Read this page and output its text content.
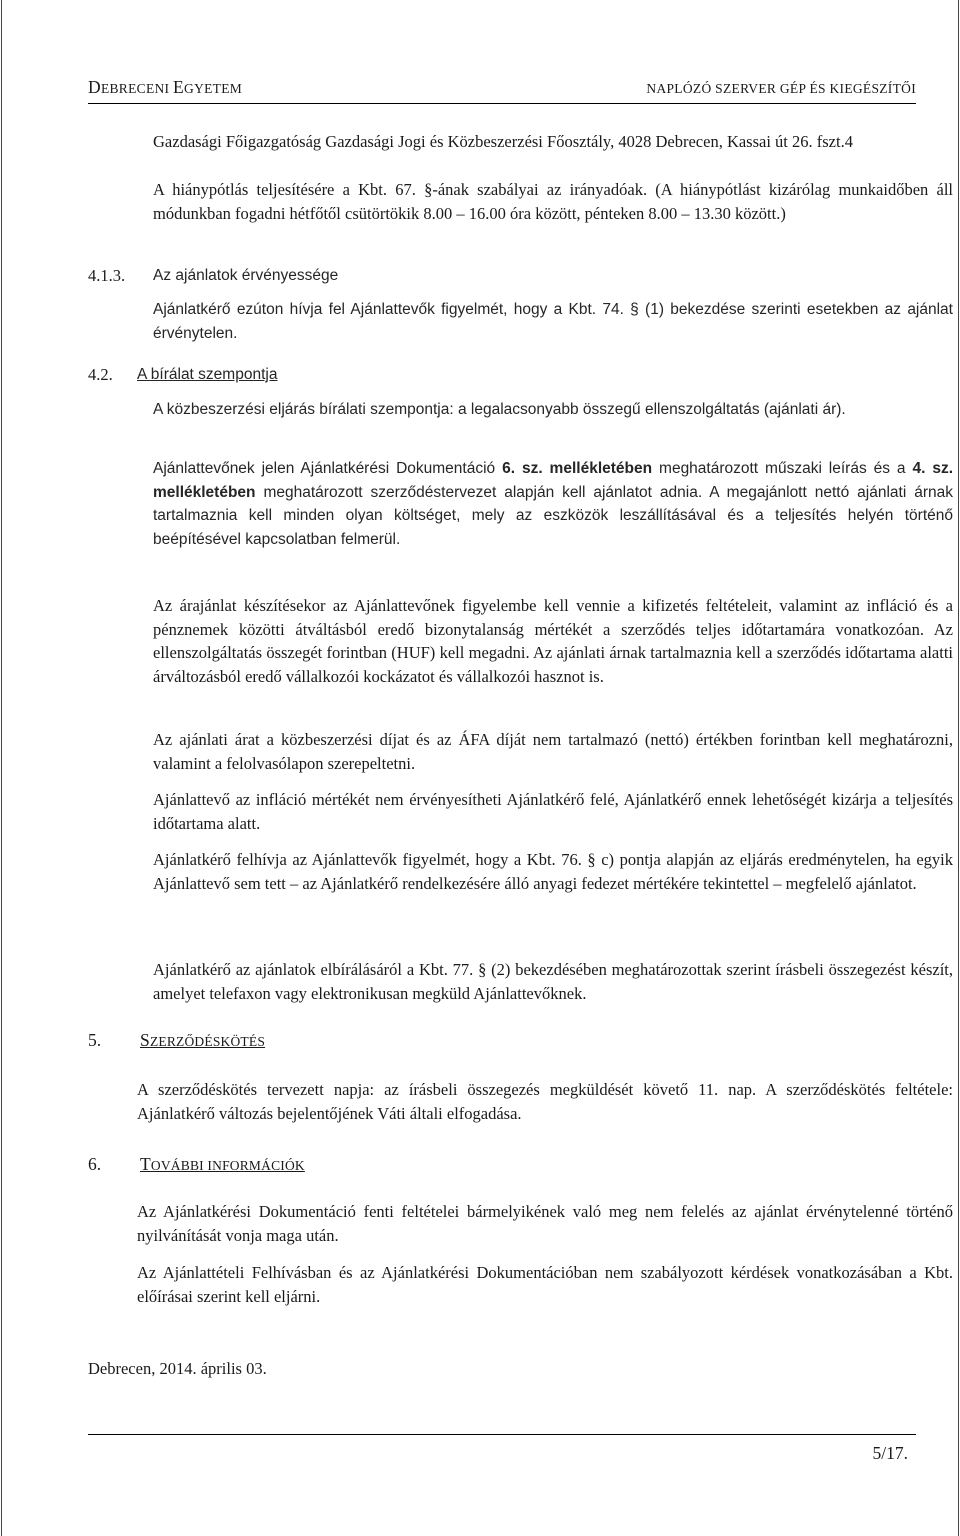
DEBRECENI EGYETEM	NAPLÓZÓ SZERVER GÉP ÉS KIEGÉSZÍTŐI
Gazdasági Főigazgatóság Gazdasági Jogi és Közbeszerzési Főosztály, 4028 Debrecen, Kassai út 26. fszt.4
A hiánypótlás teljesítésére a Kbt. 67. §-ának szabályai az irányadóak. (A hiánypótlást kizárólag munkaidőben áll módunkban fogadni hétfőtől csütörtökik 8.00 – 16.00 óra között, pénteken 8.00 – 13.30 között.)
4.1.3. Az ajánlatok érvényessége
Ajánlatkérő ezúton hívja fel Ajánlattevők figyelmét, hogy a Kbt. 74. § (1) bekezdése szerinti esetekben az ajánlat érvénytelen.
4.2. A bírálat szempontja
A közbeszerzési eljárás bírálati szempontja: a legalacsonyabb összegű ellenszolgáltatás (ajánlati ár).
Ajánlattevőnek jelen Ajánlatkérési Dokumentáció 6. sz. mellékletében meghatározott műszaki leírás és a 4. sz. mellékletében meghatározott szerződéstervezet alapján kell ajánlatot adnia. A megajánlott nettó ajánlati árnak tartalmaznia kell minden olyan költséget, mely az eszközök leszállításával és a teljesítés helyén történő beépítésével kapcsolatban felmerül.
Az árajánlat készítésekor az Ajánlattevőnek figyelembe kell vennie a kifizetés feltételeit, valamint az infláció és a pénznemek közötti átváltásból eredő bizonytalanság mértékét a szerződés teljes időtartamára vonatkozóan. Az ellenszolgáltatás összegét forintban (HUF) kell megadni. Az ajánlati árnak tartalmaznia kell a szerződés időtartama alatti árváltozásból eredő vállalkozói kockázatot és vállalkozói hasznot is.
Az ajánlati árat a közbeszerzési díjat és az ÁFA díját nem tartalmazó (nettó) értékben forintban kell meghatározni, valamint a felolvasólapon szerepeltetni.
Ajánlattevő az infláció mértékét nem érvényesítheti Ajánlatkérő felé, Ajánlatkérő ennek lehetőségét kizárja a teljesítés időtartama alatt.
Ajánlatkérő felhívja az Ajánlattevők figyelmét, hogy a Kbt. 76. § c) pontja alapján az eljárás eredménytelen, ha egyik Ajánlattevő sem tett – az Ajánlatkérő rendelkezésére álló anyagi fedezet mértékére tekintettel – megfelelő ajánlatot.
Ajánlatkérő az ajánlatok elbírálásáról a Kbt. 77. § (2) bekezdésében meghatározottak szerint írásbeli összegezést készít, amelyet telefaxon vagy elektronikusan megküld Ajánlattevőknek.
5. SZERZŐDÉSKÖTÉS
A szerződéskötés tervezett napja: az írásbeli összegezés megküldését követő 11. nap. A szerződéskötés feltétele: Ajánlatkérő változás bejelentőjének Váti általi elfogadása.
6. TOVÁBBI INFORMÁCIÓK
Az Ajánlatkérési Dokumentáció fenti feltételei bármelyikének való meg nem felelés az ajánlat érvénytelenné történő nyilvánítását vonja maga után.
Az Ajánlattételi Felhívásban és az Ajánlatkérési Dokumentációban nem szabályozott kérdések vonatkozásában a Kbt. előírásai szerint kell eljárni.
Debrecen, 2014. április 03.
5/17.
